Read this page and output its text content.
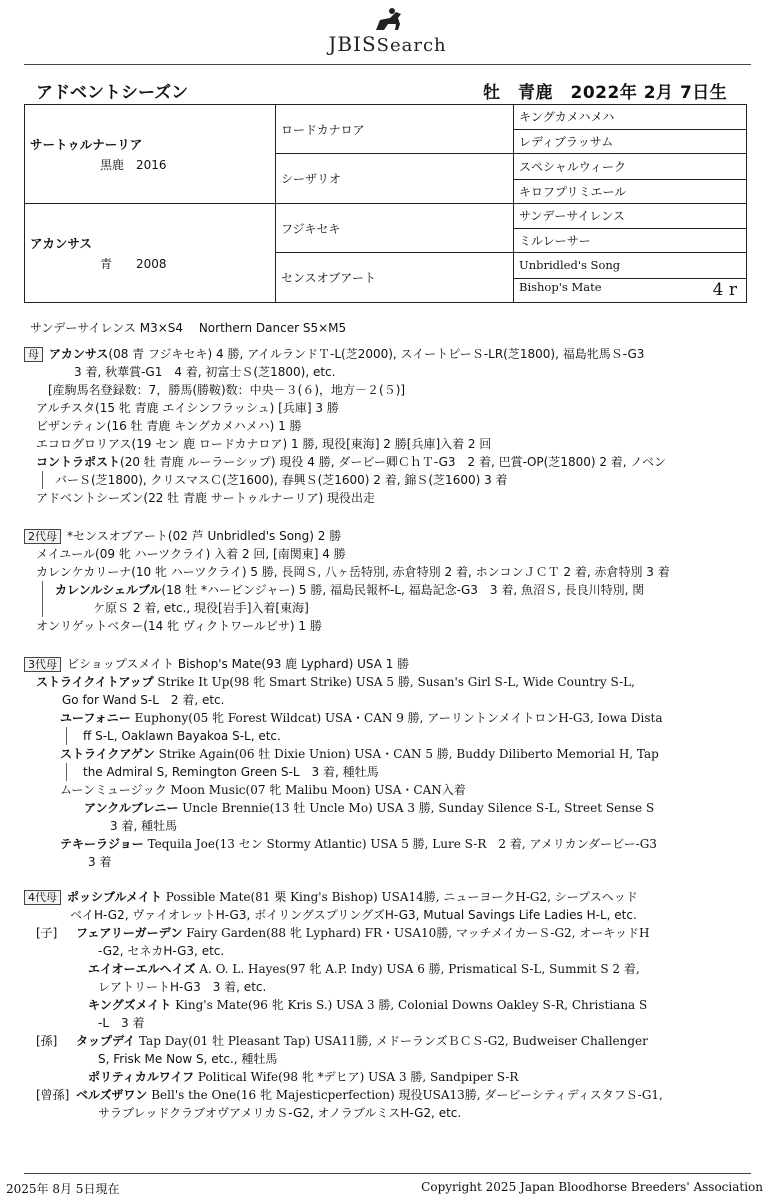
JBISSearch
アドベントシーズン	牡　青鹿　2022年 2月 7日生
サートゥルナーリア
黒鹿　2016	ロードカナロア	キングカメハメハ
		レディブラッサム
	シーザリオ	スペシャルウィーク
		キロフプリミエール

アカンサス
青　　2008	フジキセキ	サンデーサイレンス
		ミルレーサー
	センスオブアート	Unbridled's Song
		Bishop's Mate 4 r
サンデーサイレンス M3×S4　 Northern Dancer S5×M5
母 アカンサス(08 青 フジキセキ) 4 勝, アイルランドＴ-L(芝2000), スイートピーＳ-LR(芝1800), 福島牝馬Ｓ-G3
3 着, 秋華賞-G1　4 着, 初富士Ｓ(芝1800), etc.
[産駒馬名登録数：7，勝馬(勝鞍)数：中央－３(６)，地方－２(５)]
アルチスタ(15 牝 青鹿 エイシンフラッシュ) [兵庫] 3 勝
ビザンティン(16 牡 青鹿 キングカメハメハ) 1 勝
エコログロリアス(19 セン 鹿 ロードカナロア) 1 勝, 現役[東海] 2 勝[兵庫]入着 2 回
コントラポスト(20 牡 青鹿 ルーラーシップ) 現役 4 勝, ダービー卿ＣｈＴ-G3　2 着, 巴賞-OP(芝1800) 2 着, ノベン
バーＳ(芝1800), クリスマスＣ(芝1600), 春興Ｓ(芝1600) 2 着, 錦Ｓ(芝1600) 3 着
アドベントシーズン(22 牡 青鹿 サートゥルナーリア) 現役出走
2代母 *センスオブアート(02 芦 Unbridled's Song) 2 勝
メイユール(09 牝 ハーツクライ) 入着 2 回, [南関東] 4 勝
カレンケカリーナ(10 牝 ハーツクライ) 5 勝, 長岡Ｓ, 八ヶ岳特別, 赤倉特別 2 着, ホンコンＪＣＴ 2 着, 赤倉特別 3 着
カレンルシェルブル(18 牡 *ハービンジャー) 5 勝, 福島民報杯-L, 福島記念-G3　3 着, 魚沼Ｓ, 長良川特別, 関
ケ原Ｓ 2 着, etc., 現役[岩手]入着[東海]
オンリゲットベター(14 牝 ヴィクトワールピサ) 1 勝
3代母 ビショップスメイト Bishop's Mate(93 鹿 Lyphard) USA 1 勝
ストライクイトアップ Strike It Up(98 牝 Smart Strike) USA 5 勝, Susan's Girl S-L, Wide Country S-L,
Go for Wand S-L　2 着, etc.
ユーフォニー Euphony(05 牝 Forest Wildcat) USA・CAN 9 勝, アーリントンメイトロンH-G3, Iowa Dista
ff S-L, Oaklawn Bayakoa S-L, etc.
ストライクアゲン Strike Again(06 牡 Dixie Union) USA・CAN 5 勝, Buddy Diliberto Memorial H, Tap
the Admiral S, Remington Green S-L　3 着, 種牡馬
ムーンミュージック Moon Music(07 牝 Malibu Moon) USA・CAN入着
アンクルブレニー Uncle Brennie(13 牡 Uncle Mo) USA 3 勝, Sunday Silence S-L, Street Sense S
3 着, 種牡馬
テキーラジョー Tequila Joe(13 セン Stormy Atlantic) USA 5 勝, Lure S-R　2 着, アメリカンダービー-G3
3 着
4代母 ポッシブルメイト Possible Mate(81 栗 King's Bishop) USA14勝, ニューヨークH-G2, シープスヘッド
ベイH-G2, ヴァイオレットH-G3, ボイリングスプリングズH-G3, Mutual Savings Life Ladies H-L, etc.
[子] フェアリーガーデン Fairy Garden(88 牝 Lyphard) FR・USA10勝, マッチメイカーＳ-G2, オーキッドH
-G2, セネカH-G3, etc.
エイオーエルヘイズ A. O. L. Hayes(97 牝 A.P. Indy) USA 6 勝, Prismatical S-L, Summit S 2 着,
レアトリートH-G3　3 着, etc.
キングズメイト King's Mate(96 牝 Kris S.) USA 3 勝, Colonial Downs Oakley S-R, Christiana S
-L　3 着
[孫] タップデイ Tap Day(01 牡 Pleasant Tap) USA11勝, メドーランズＢＣＳ-G2, Budweiser Challenger
S, Frisk Me Now S, etc., 種牡馬
ポリティカルワイフ Political Wife(98 牝 *デヒア) USA 3 勝, Sandpiper S-R
[曾孫] ベルズザワン Bell's the One(16 牝 Majesticperfection) 現役USA13勝, ダービーシティディスタフＳ-G1,
サラブレッドクラブオヴアメリカＳ-G2, オノラブルミスH-G2, etc.
2025年 8月 5日現在	Copyright 2025 Japan Bloodhorse Breeders' Association
